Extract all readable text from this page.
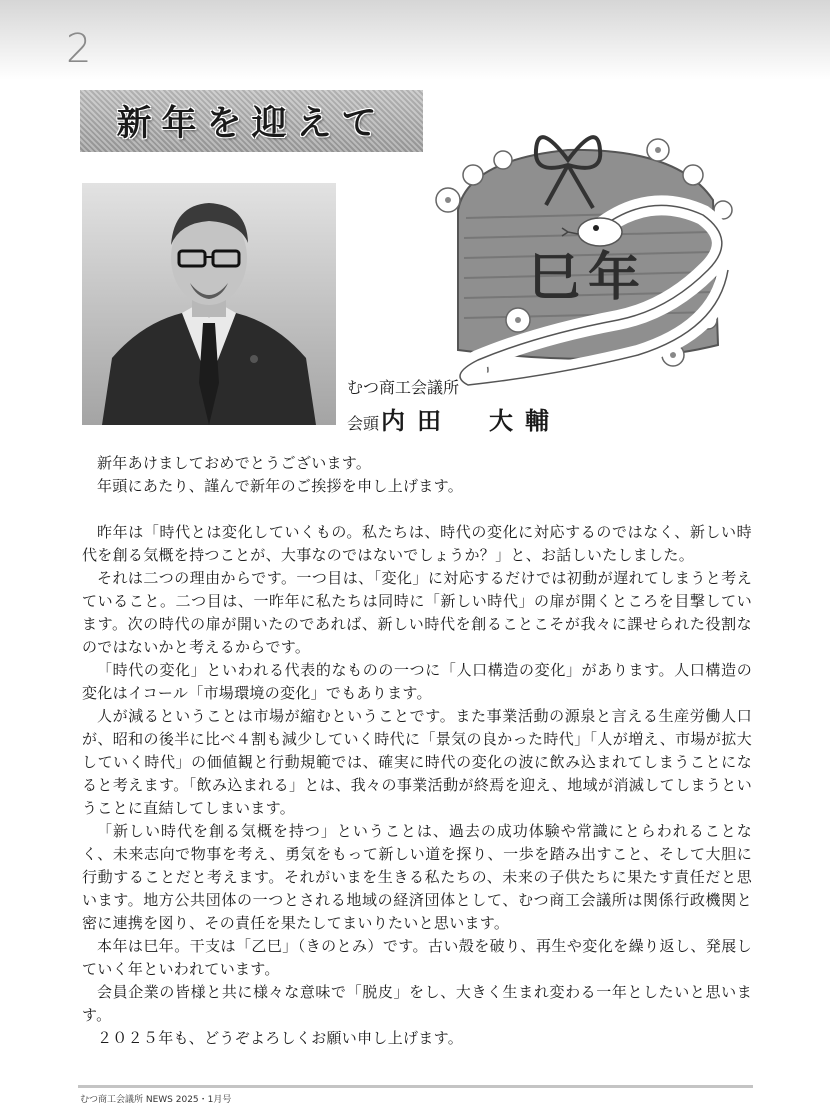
2
新年を迎えて
巳年
むつ商工会議所
会頭内田　大輔

新年あけましておめでとうございます。

年頭にあたり、謹んで新年のご挨拶を申し上げます。

昨年は「時代とは変化していくもの。私たちは、時代の変化に対応するのではなく、新しい時代を創る気概を持つことが、大事なのではないでしょうか？」と、お話しいたしました。

それは二つの理由からです。一つ目は、「変化」に対応するだけでは初動が遅れてしまうと考えていること。二つ目は、一昨年に私たちは同時に「新しい時代」の扉が開くところを目撃しています。次の時代の扉が開いたのであれば、新しい時代を創ることこそが我々に課せられた役割なのではないかと考えるからです。

「時代の変化」といわれる代表的なものの一つに「人口構造の変化」があります。人口構造の変化はイコール「市場環境の変化」でもあります。

人が減るということは市場が縮むということです。また事業活動の源泉と言える生産労働人口が、昭和の後半に比べ４割も減少していく時代に「景気の良かった時代」「人が増え、市場が拡大していく時代」の価値観と行動規範では、確実に時代の変化の波に飲み込まれてしまうことになると考えます。「飲み込まれる」とは、我々の事業活動が終焉を迎え、地域が消滅してしまうということに直結してしまいます。

「新しい時代を創る気概を持つ」ということは、過去の成功体験や常識にとらわれることなく、未来志向で物事を考え、勇気をもって新しい道を探り、一歩を踏み出すこと、そして大胆に行動することだと考えます。それがいまを生きる私たちの、未来の子供たちに果たす責任だと思います。地方公共団体の一つとされる地域の経済団体として、むつ商工会議所は関係行政機関と密に連携を図り、その責任を果たしてまいりたいと思います。

本年は巳年。干支は「乙巳」（きのとみ）です。古い殻を破り、再生や変化を繰り返し、発展していく年といわれています。

会員企業の皆様と共に様々な意味で「脱皮」をし、大きく生まれ変わる一年としたいと思います。

２０２５年も、どうぞよろしくお願い申し上げます。

むつ商工会議所 NEWS 2025・1月号
